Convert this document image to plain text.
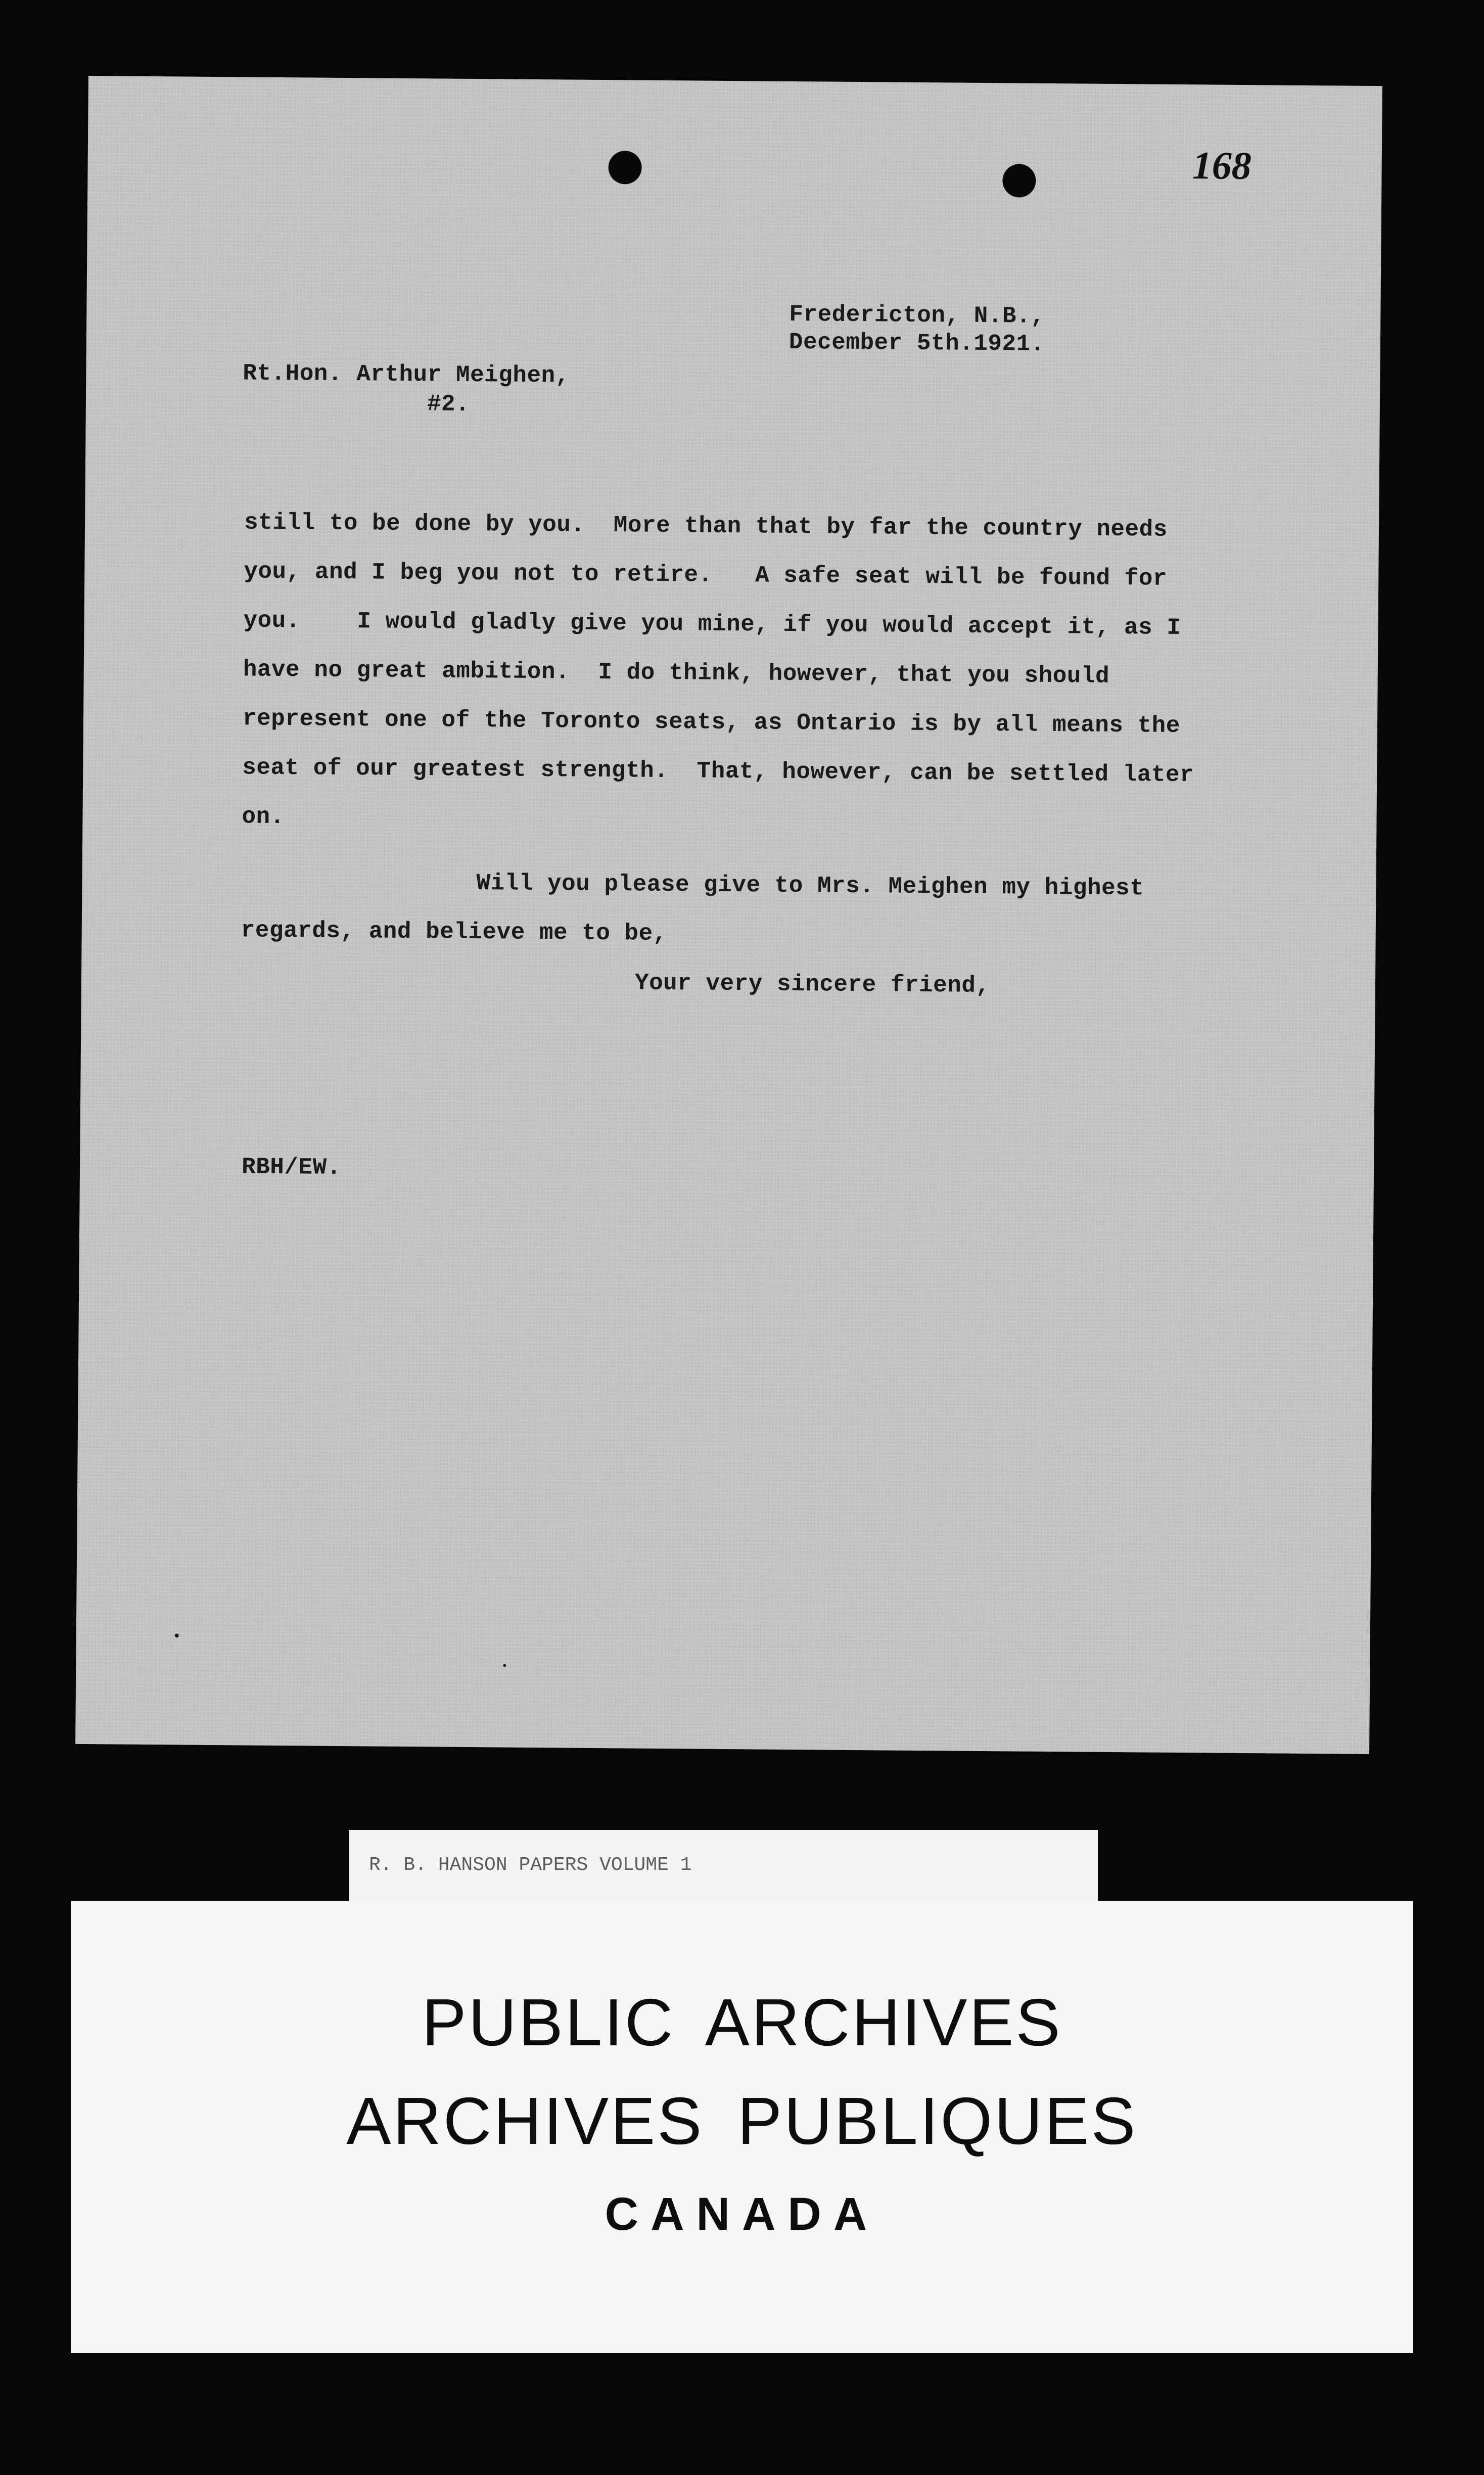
168
Fredericton, N.B.,
December 5th.1921.
Rt.Hon. Arthur Meighen,
#2.
still to be done by you.  More than that by far the country needs
you, and I beg you not to retire.   A safe seat will be found for
you.    I would gladly give you mine, if you would accept it, as I
have no great ambition.  I do think, however, that you should
represent one of the Toronto seats, as Ontario is by all means the
seat of our greatest strength.  That, however, can be settled later
on.
Will you please give to Mrs. Meighen my highest
regards, and believe me to be,
Your very sincere friend,
RBH/EW.
R. B. HANSON PAPERS VOLUME 1
PUBLIC ARCHIVES
ARCHIVES PUBLIQUES
CANADA
